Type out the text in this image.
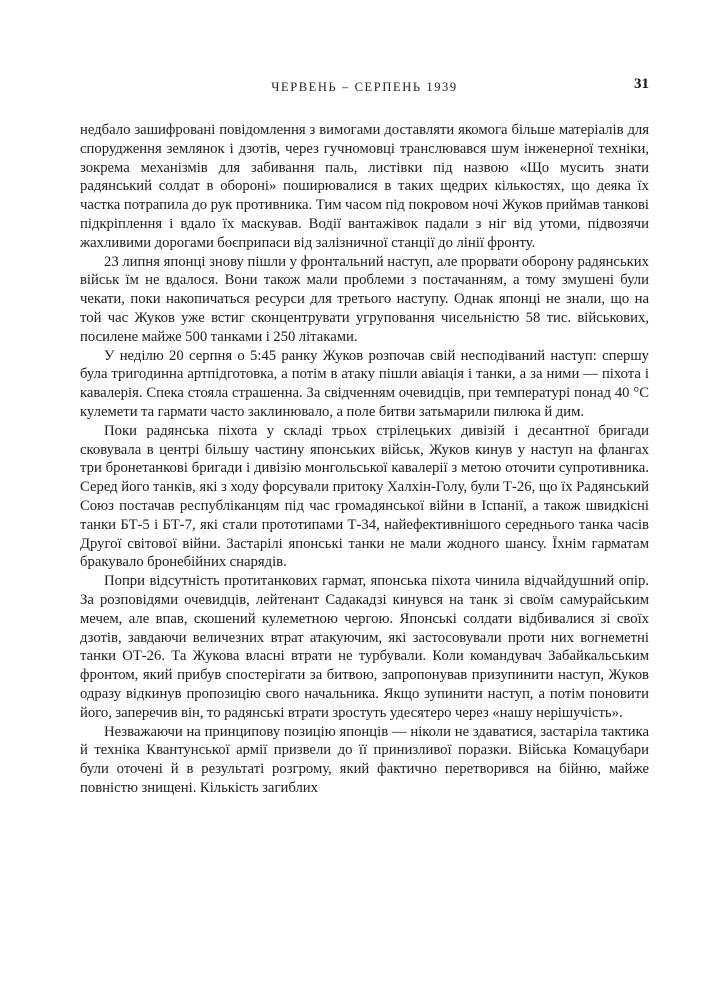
ЧЕРВЕНЬ – СЕРПЕНЬ 1939	31

недбало зашифровані повідомлення з вимогами доставляти якомога більше матеріалів для спорудження землянок і дзотів, через гучномовці транслювався шум інженерної техніки, зокрема механізмів для забивання паль, листівки під назвою «Що мусить знати радянський солдат в обороні» поширювалися в таких щедрих кількостях, що деяка їх частка потрапила до рук противника. Тим часом під покровом ночі Жуков приймав танкові підкріплення і вдало їх маскував. Водії вантажівок падали з ніг від утоми, підвозячи жахливими дорогами боєприпаси від залізничної станції до лінії фронту.

23 липня японці знову пішли у фронтальний наступ, але прорвати оборону радянських військ їм не вдалося. Вони також мали проблеми з постачанням, а тому змушені були чекати, поки накопичаться ресурси для третього наступу. Однак японці не знали, що на той час Жуков уже встиг сконцентрувати угруповання чисельністю 58 тис. військових, посилене майже 500 танками і 250 літаками.

У неділю 20 серпня о 5:45 ранку Жуков розпочав свій несподіваний наступ: спершу була тригодинна артпідготовка, а потім в атаку пішли авіація і танки, а за ними — піхота і кавалерія. Спека стояла страшенна. За свідченням очевидців, при температурі понад 40 °С кулемети та гармати часто заклинювало, а поле битви затьмарили пилюка й дим.

Поки радянська піхота у складі трьох стрілецьких дивізій і десантної бригади сковувала в центрі більшу частину японських військ, Жуков кинув у наступ на флангах три бронетанкові бригади і дивізію монгольської кавалерії з метою оточити супротивника. Серед його танків, які з ходу форсували притоку Халхін-Голу, були Т-26, що їх Радянський Союз постачав республіканцям під час громадянської війни в Іспанії, а також швидкісні танки БТ-5 і БТ-7, які стали прототипами Т-34, найефективнішого середнього танка часів Другої світової війни. Застарілі японські танки не мали жодного шансу. Їхнім гарматам бракувало бронебійних снарядів.

Попри відсутність протитанкових гармат, японська піхота чинила відчайдушний опір. За розповідями очевидців, лейтенант Садакадзі кинувся на танк зі своїм самурайським мечем, але впав, скошений кулеметною чергою. Японські солдати відбивалися зі своїх дзотів, завдаючи величезних втрат атакуючим, які застосовували проти них вогнеметні танки ОТ-26. Та Жукова власні втрати не турбували. Коли командувач Забайкальським фронтом, який прибув спостерігати за битвою, запропонував призупинити наступ, Жуков одразу відкинув пропозицію свого начальника. Якщо зупинити наступ, а потім поновити його, заперечив він, то радянські втрати зростуть удесятеро через «нашу нерішучість».

Незважаючи на принципову позицію японців — ніколи не здаватися, застаріла тактика й техніка Квантунської армії призвели до її принизливої поразки. Війська Комацубари були оточені й в результаті розгрому, який фактично перетворився на бійню, майже повністю знищені. Кількість загиблих
